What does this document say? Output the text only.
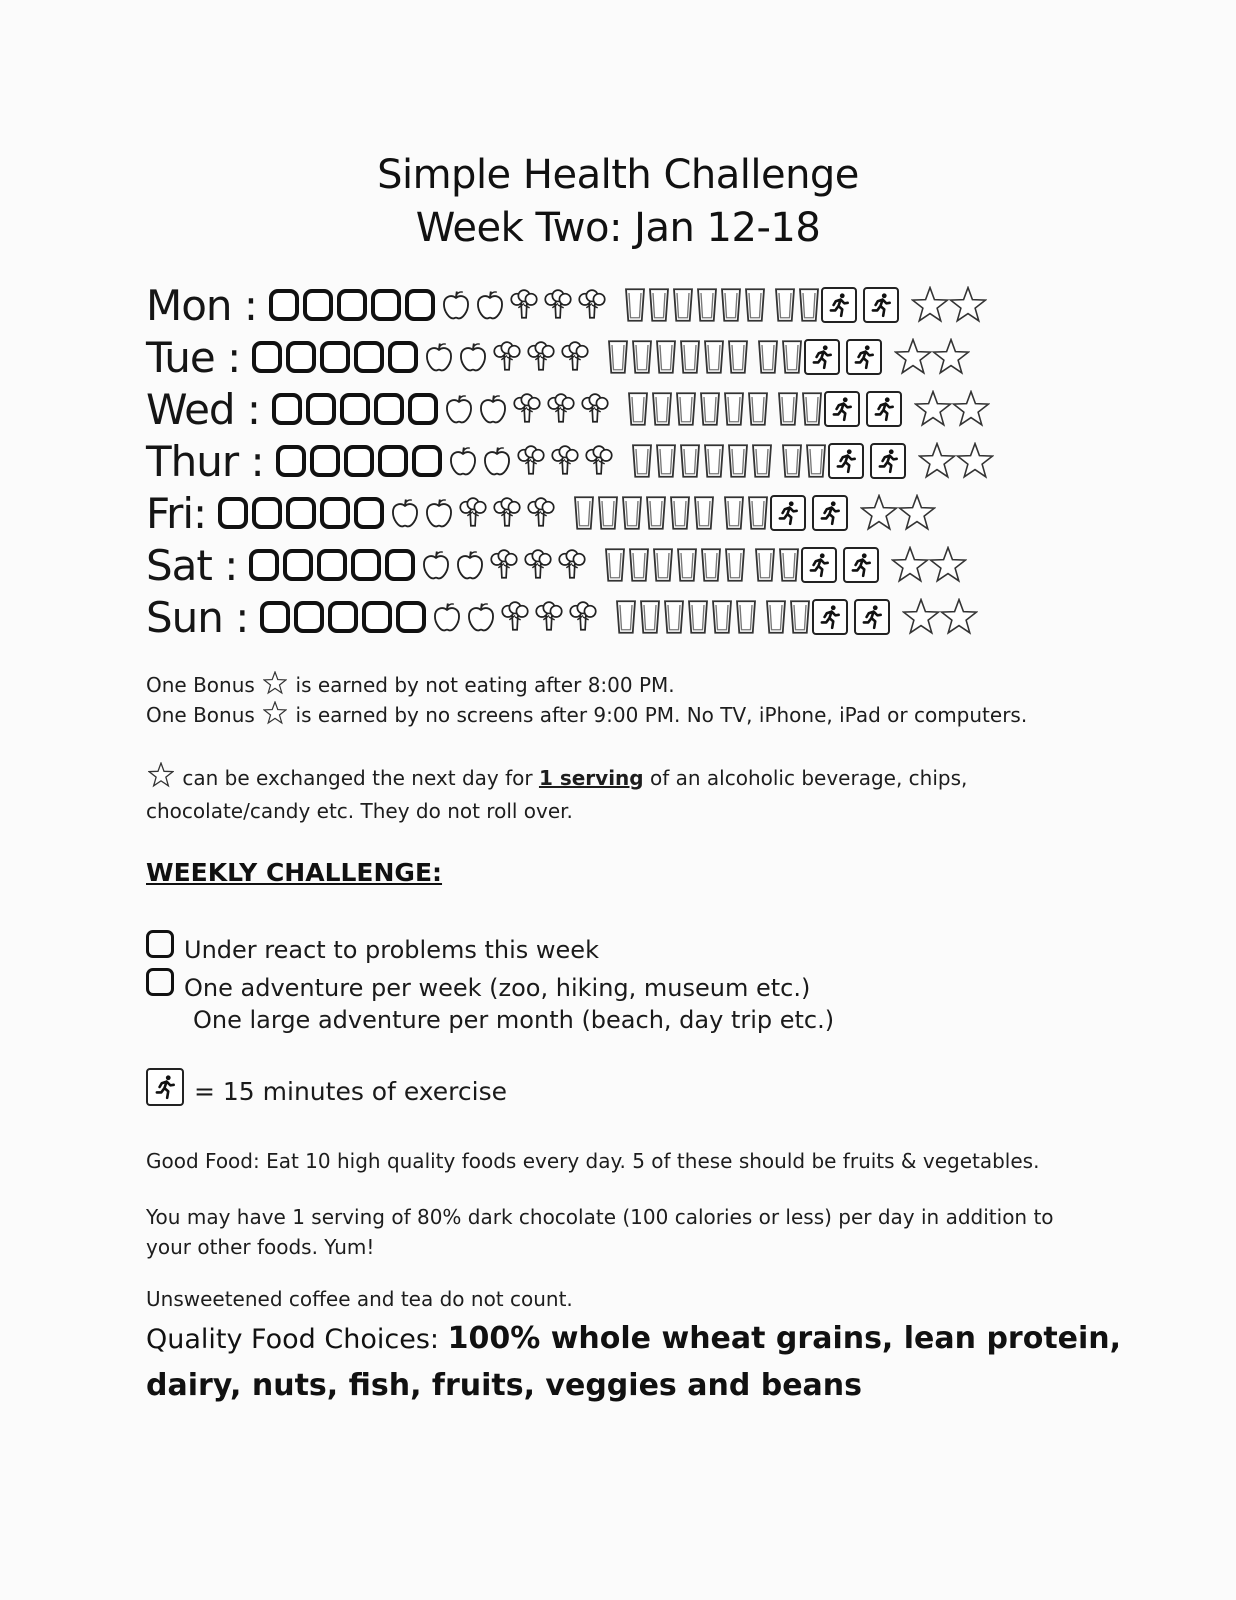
Simple Health Challenge
Week Two: Jan 12-18
Mon :
Tue :
Wed :
Thur :
Fri:
Sat :
Sun :
One Bonus is earned by not eating after 8:00 PM.
One Bonus is earned by no screens after 9:00 PM. No TV, iPhone, iPad or computers.
can be exchanged the next day for 1 serving of an alcoholic beverage, chips, chocolate/candy etc. They do not roll over.
WEEKLY CHALLENGE:
Under react to problems this week
One adventure per week (zoo, hiking, museum etc.)
One large adventure per month (beach, day trip etc.)
= 15 minutes of exercise
Good Food: Eat 10 high quality foods every day. 5 of these should be fruits & vegetables.
You may have 1 serving of 80% dark chocolate (100 calories or less) per day in addition to your other foods. Yum!
Unsweetened coffee and tea do not count.
Quality Food Choices: 100% whole wheat grains, lean protein, dairy, nuts, fish, fruits, veggies and beans
